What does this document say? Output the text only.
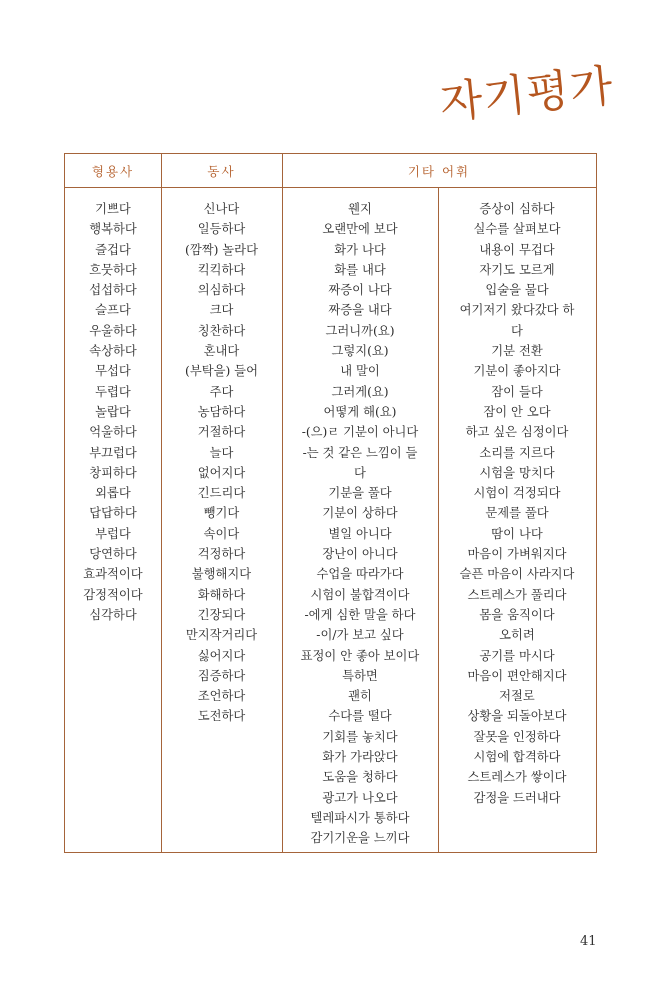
자기평가
형용사	동사	기타 어휘
기쁘다
행복하다
즐겁다
흐뭇하다
섭섭하다
슬프다
우울하다
속상하다
무섭다
두렵다
놀랍다
억울하다
부끄럽다
창피하다
외롭다
답답하다
부럽다
당연하다
효과적이다
감정적이다
심각하다
신나다
일등하다
(깜짝) 놀라다
킥킥하다
의심하다
크다
칭찬하다
혼내다
(부탁을) 들어
주다
농담하다
거절하다
늘다
없어지다
긴드리다
뺑기다
속이다
걱정하다
불행해지다
화해하다
긴장되다
만지작거리다
싫어지다
짐증하다
조언하다
도전하다
웬지
오랜만에 보다
화가 나다
화를 내다
짜증이 나다
짜증을 내다
그러니까(요)
그렇지(요)
내 말이
그러게(요)
어떻게 해(요)
-(으)ㄹ 기분이 아니다
-는 것 같은 느낌이 들
다
기분을 풀다
기분이 상하다
별일 아니다
장난이 아니다
수업을 따라가다
시험이 불합격이다
-에게 심한 말을 하다
-이/가 보고 싶다
표정이 안 좋아 보이다
특하면
괜히
수다를 떨다
기회를 놓치다
화가 가라앉다
도움을 청하다
광고가 나오다
텔레파시가 통하다
감기기운을 느끼다
증상이 심하다
실수를 살펴보다
내용이 무겁다
자기도 모르게
입술을 물다
여기저기 왔다갔다 하
다
기분 전환
기분이 좋아지다
잠이 들다
잠이 안 오다
하고 싶은 심정이다
소리를 지르다
시험을 망치다
시험이 걱정되다
문제를 풀다
땀이 나다
마음이 가벼워지다
슬픈 마음이 사라지다
스트레스가 풀리다
몸을 움직이다
오히려
공기를 마시다
마음이 편안해지다
저절로
상황을 되돌아보다
잘못을 인정하다
시험에 합격하다
스트레스가 쌓이다
감정을 드러내다
41
